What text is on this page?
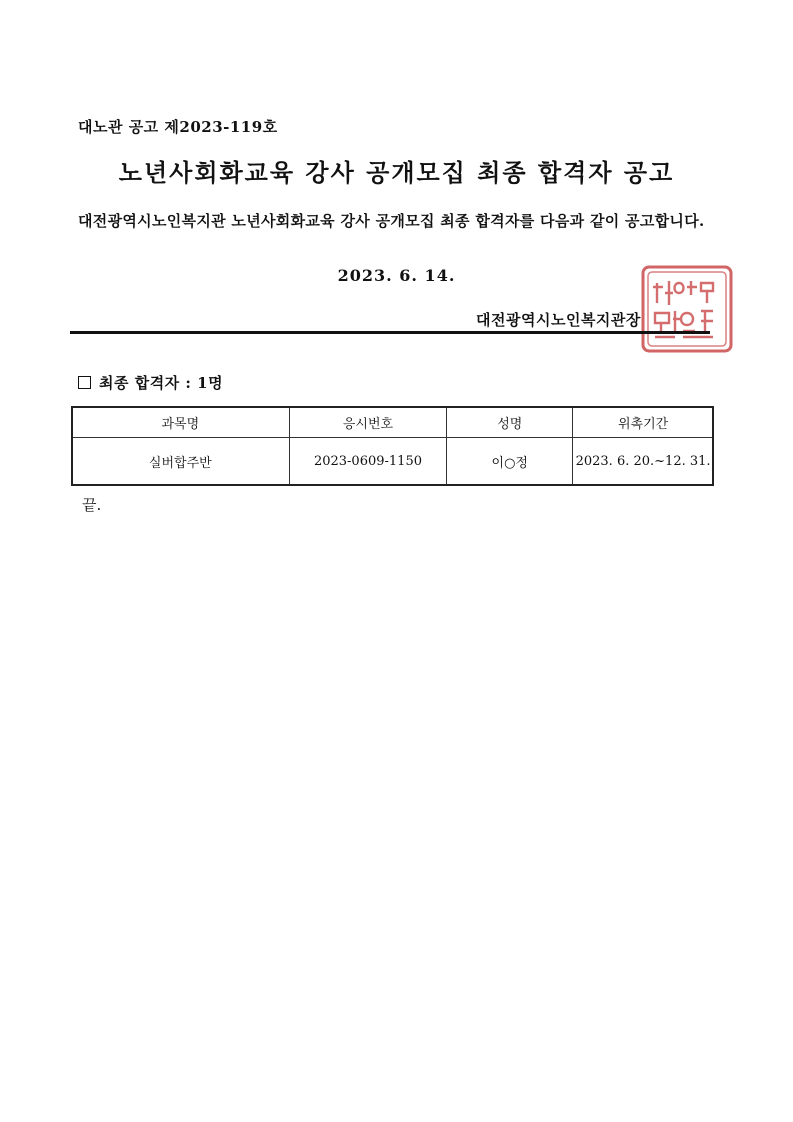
대노관 공고 제2023-119호
노년사회화교육 강사 공개모집 최종 합격자 공고
대전광역시노인복지관 노년사회화교육 강사 공개모집 최종 합격자를 다음과 같이 공고합니다.
2023. 6. 14.
대전광역시노인복지관장
최종 합격자 : 1명
과목명	응시번호	성명	위촉기간
실버합주반	2023-0609-1150	이○정	2023. 6. 20.~12. 31.
끝.
